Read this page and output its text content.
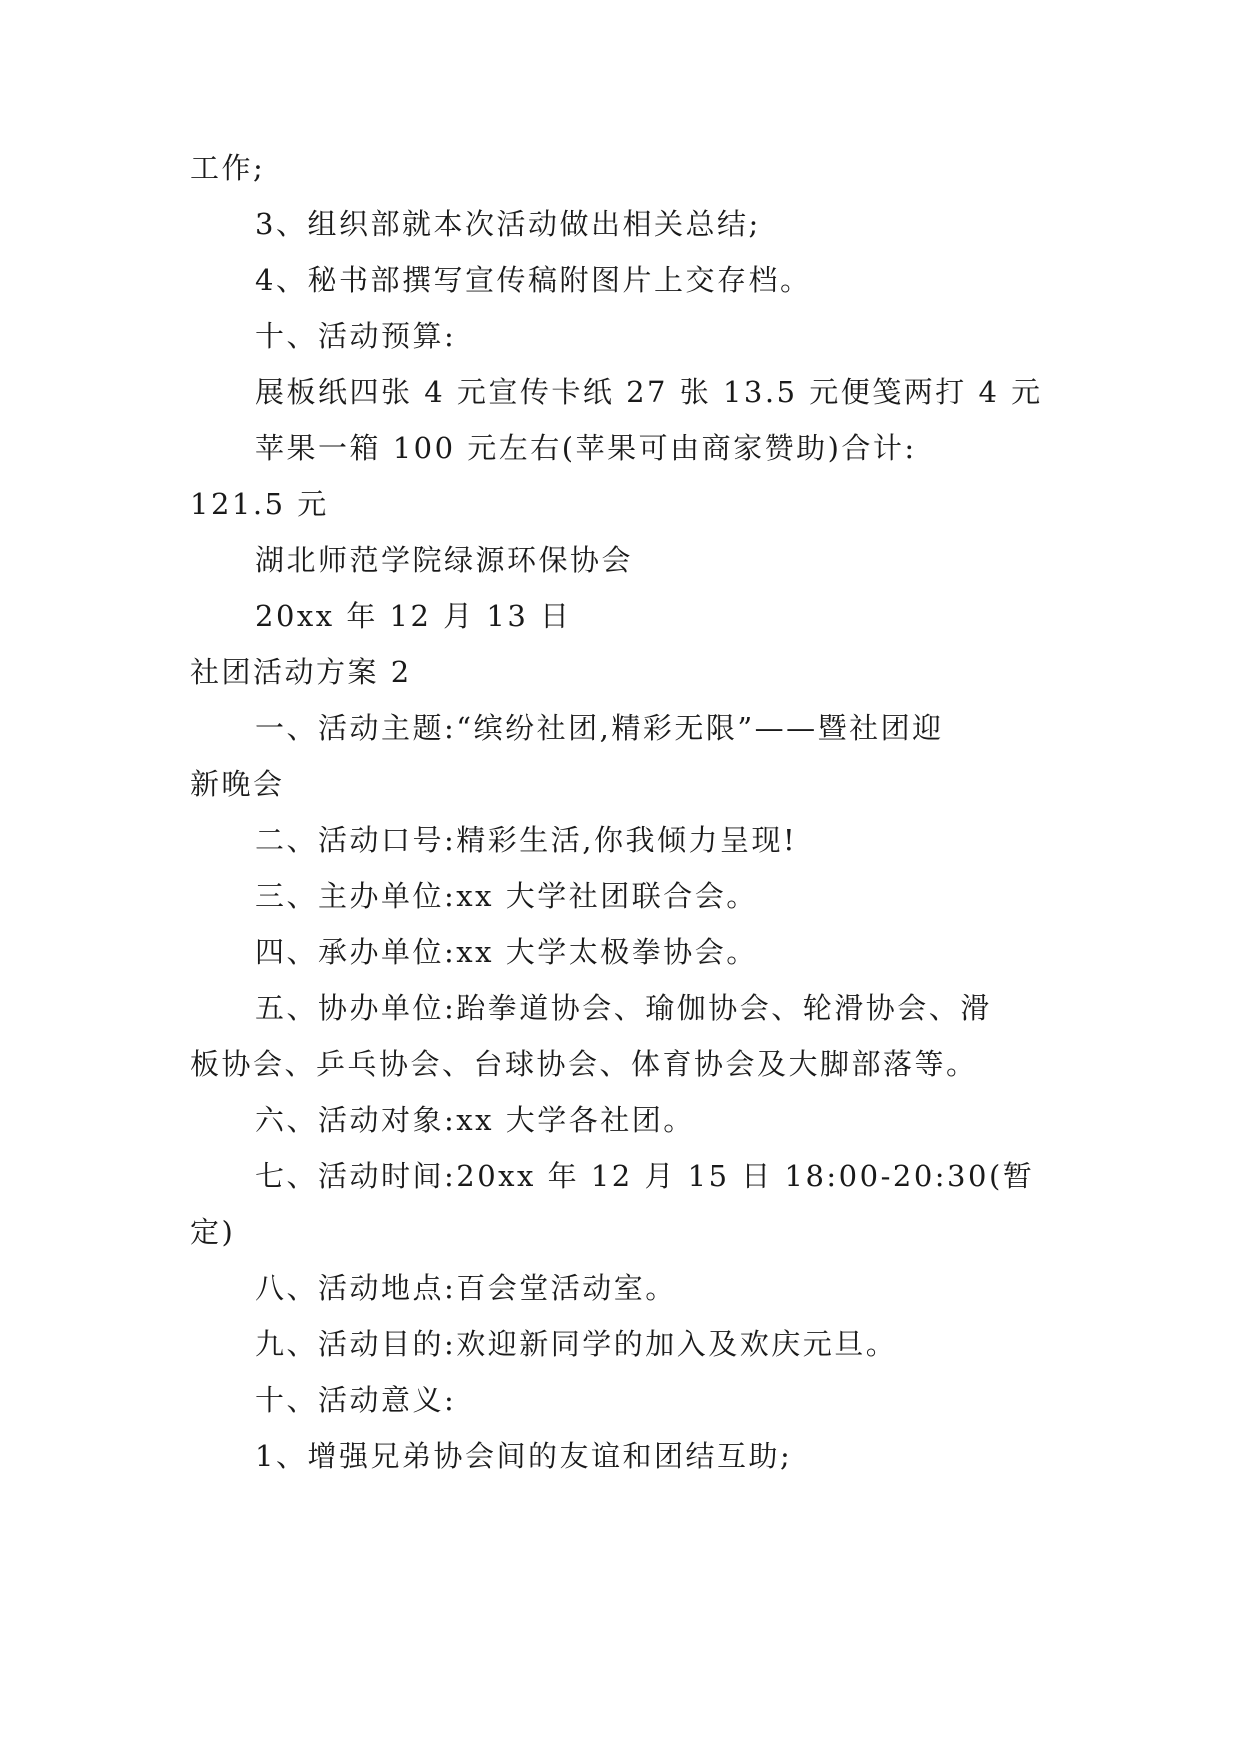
工作;
3、组织部就本次活动做出相关总结;
4、秘书部撰写宣传稿附图片上交存档。
十、活动预算:
展板纸四张 4 元宣传卡纸 27 张 13.5 元便笺两打 4 元
苹果一箱 100 元左右(苹果可由商家赞助)合计:
121.5 元
湖北师范学院绿源环保协会
20xx 年 12 月 13 日
社团活动方案 2
一、活动主题:“缤纷社团,精彩无限”——暨社团迎
新晚会
二、活动口号:精彩生活,你我倾力呈现!
三、主办单位:xx 大学社团联合会。
四、承办单位:xx 大学太极拳协会。
五、协办单位:跆拳道协会、瑜伽协会、轮滑协会、滑
板协会、乒乓协会、台球协会、体育协会及大脚部落等。
六、活动对象:xx 大学各社团。
七、活动时间:20xx 年 12 月 15 日 18:00-20:30(暂
定)
八、活动地点:百会堂活动室。
九、活动目的:欢迎新同学的加入及欢庆元旦。
十、活动意义:
1、增强兄弟协会间的友谊和团结互助;
